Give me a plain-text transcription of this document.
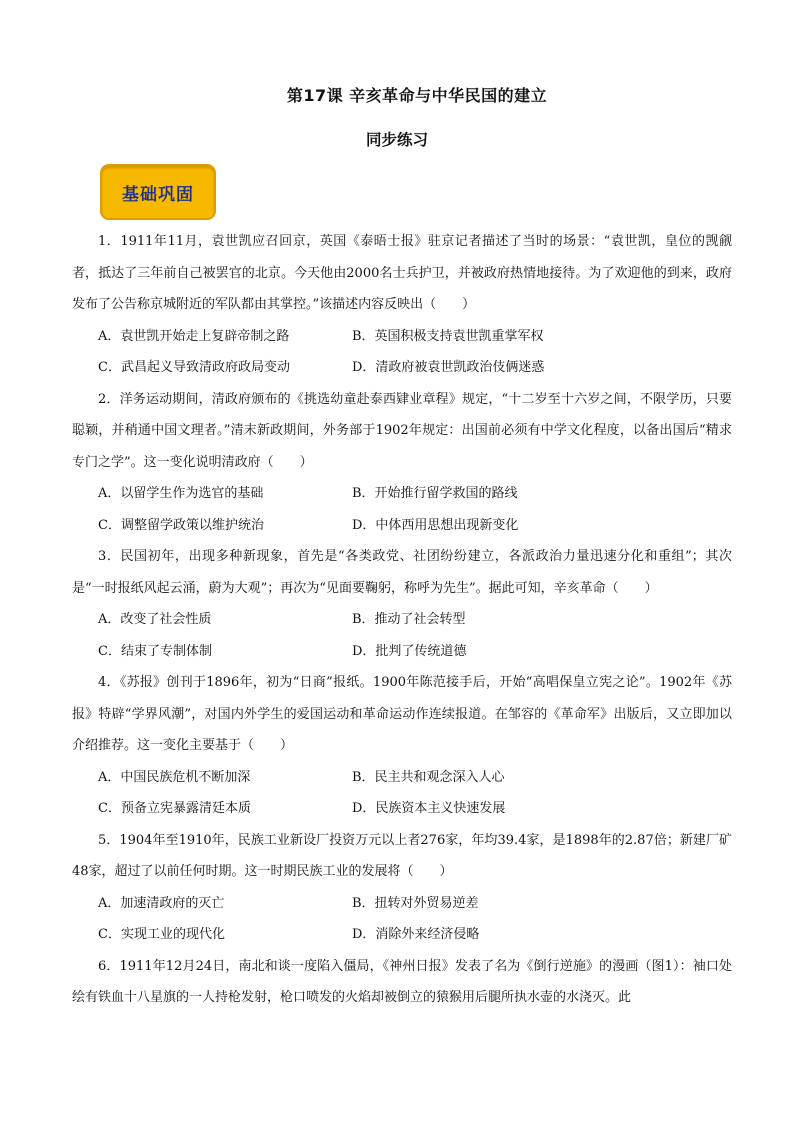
第17课 辛亥革命与中华民国的建立
同步练习
基础巩固

1．1911年11月，袁世凯应召回京，英国《泰晤士报》驻京记者描述了当时的场景：“袁世凯，皇位的觊觎者，抵达了三年前自己被罢官的北京。今天他由2000名士兵护卫，并被政府热情地接待。为了欢迎他的到来，政府发布了公告称京城附近的军队都由其掌控。”该描述内容反映出（　　）

A．袁世凯开始走上复辟帝制之路	B．英国积极支持袁世凯重掌军权
C．武昌起义导致清政府政局变动	D．清政府被袁世凯政治伎俩迷惑

2．洋务运动期间，清政府颁布的《挑选幼童赴泰西肄业章程》规定，“十二岁至十六岁之间，不限学历，只要聪颖，并稍通中国文理者。”清末新政期间，外务部于1902年规定：出国前必须有中学文化程度，以备出国后“精求专门之学”。这一变化说明清政府（　　）

A．以留学生作为选官的基础	B．开始推行留学救国的路线
C．调整留学政策以维护统治	D．中体西用思想出现新变化

3．民国初年，出现多种新现象，首先是“各类政党、社团纷纷建立，各派政治力量迅速分化和重组”；其次是“一时报纸风起云涌，蔚为大观”；再次为“见面要鞠躬，称呼为先生”。据此可知，辛亥革命（　　）

A．改变了社会性质	B．推动了社会转型
C．结束了专制体制	D．批判了传统道德

4．《苏报》创刊于1896年，初为“日商”报纸。1900年陈范接手后，开始“高唱保皇立宪之论”。1902年《苏报》特辟“学界风潮”，对国内外学生的爱国运动和革命运动作连续报道。在邹容的《革命军》出版后，又立即加以介绍推荐。这一变化主要基于（　　）

A．中国民族危机不断加深	B．民主共和观念深入人心
C．预备立宪暴露清廷本质	D．民族资本主义快速发展

5．1904年至1910年，民族工业新设厂投资万元以上者276家，年均39.4家，是1898年的2.87倍；新建厂矿48家，超过了以前任何时期。这一时期民族工业的发展将（　　）

A．加速清政府的灭亡	B．扭转对外贸易逆差
C．实现工业的现代化	D．消除外来经济侵略

6．1911年12月24日，南北和谈一度陷入僵局，《神州日报》发表了名为《倒行逆施》的漫画（图1）：袖口处绘有铁血十八星旗的一人持枪发射，枪口喷发的火焰却被倒立的猿猴用后腿所执水壶的水浇灭。此
